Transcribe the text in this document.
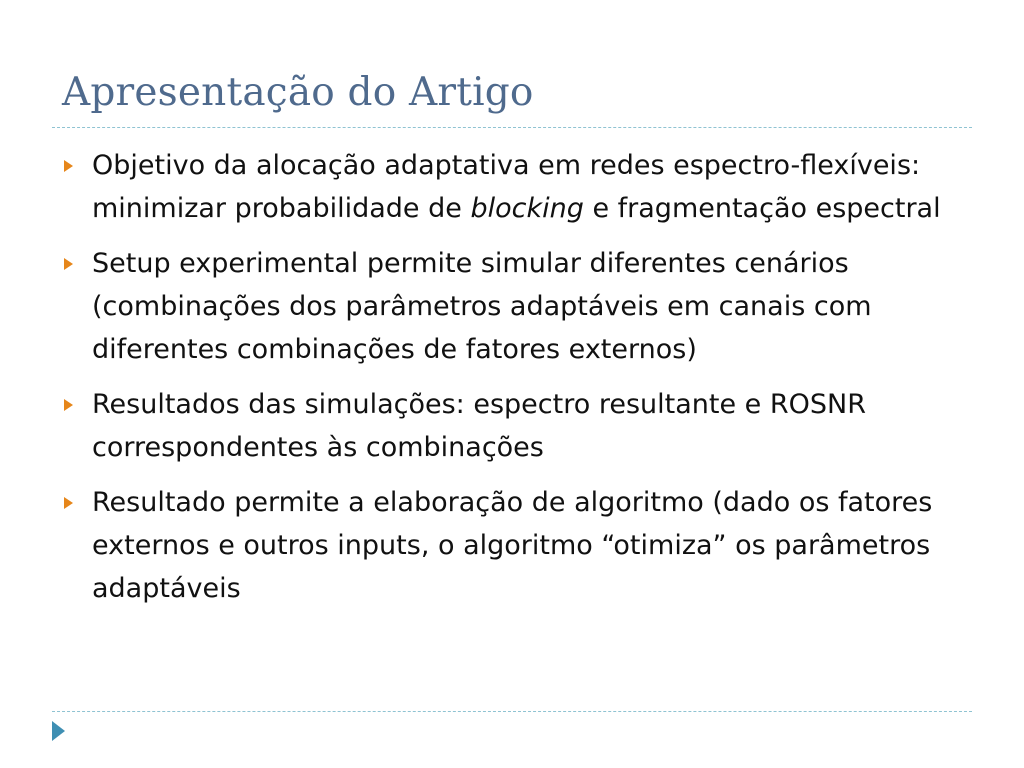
Apresentação do Artigo
Objetivo da alocação adaptativa em redes espectro-flexíveis: minimizar probabilidade de blocking e fragmentação espectral
Setup experimental permite simular diferentes cenários (combinações dos parâmetros adaptáveis em canais com diferentes combinações de fatores externos)
Resultados das simulações: espectro resultante e ROSNR correspondentes às combinações
Resultado permite a elaboração de algoritmo (dado os fatores externos e outros inputs, o algoritmo “otimiza” os parâmetros adaptáveis
